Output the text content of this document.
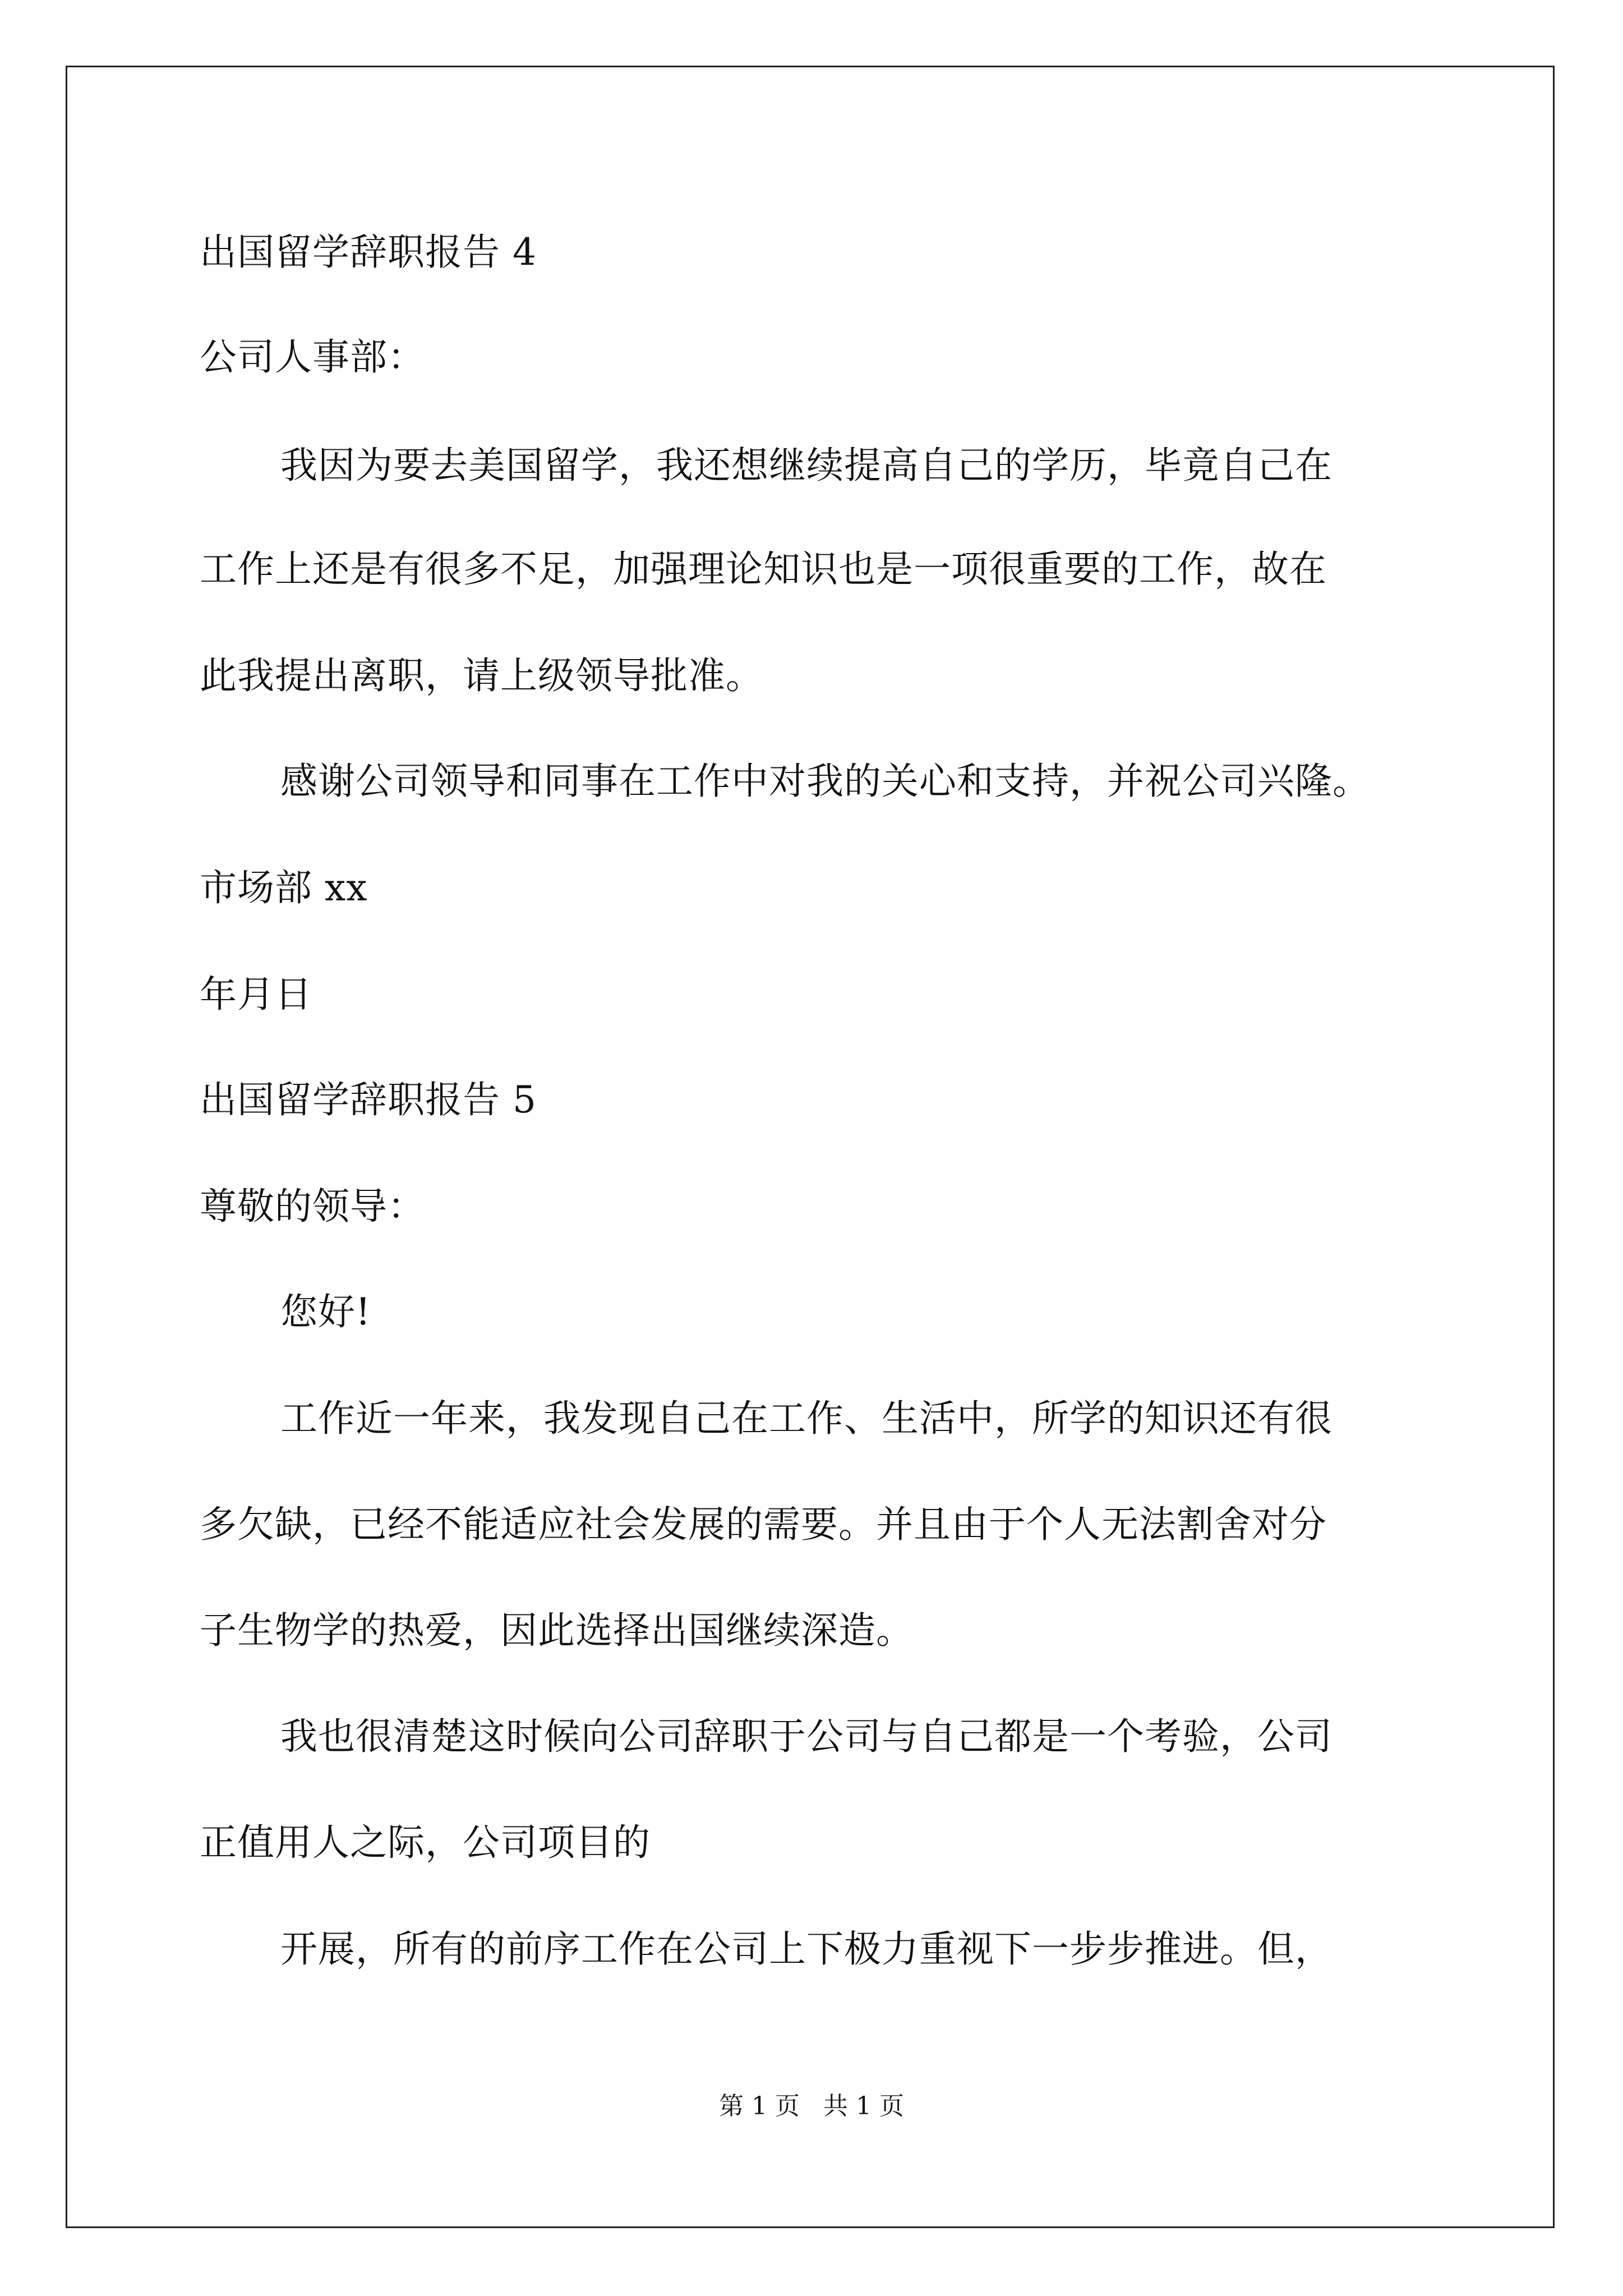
出国留学辞职报告 4
公司人事部：
我因为要去美国留学，我还想继续提高自己的学历，毕竟自己在
工作上还是有很多不足，加强理论知识也是一项很重要的工作，故在
此我提出离职，请上级领导批准。
感谢公司领导和同事在工作中对我的关心和支持，并祝公司兴隆。
市场部 xx
年月日
出国留学辞职报告 5
尊敬的领导：
您好!
工作近一年来，我发现自己在工作、生活中，所学的知识还有很
多欠缺，已经不能适应社会发展的需要。并且由于个人无法割舍对分
子生物学的热爱，因此选择出国继续深造。
我也很清楚这时候向公司辞职于公司与自己都是一个考验，公司
正值用人之际，公司项目的
开展，所有的前序工作在公司上下极力重视下一步步推进。但，
第 1 页   共 1 页
